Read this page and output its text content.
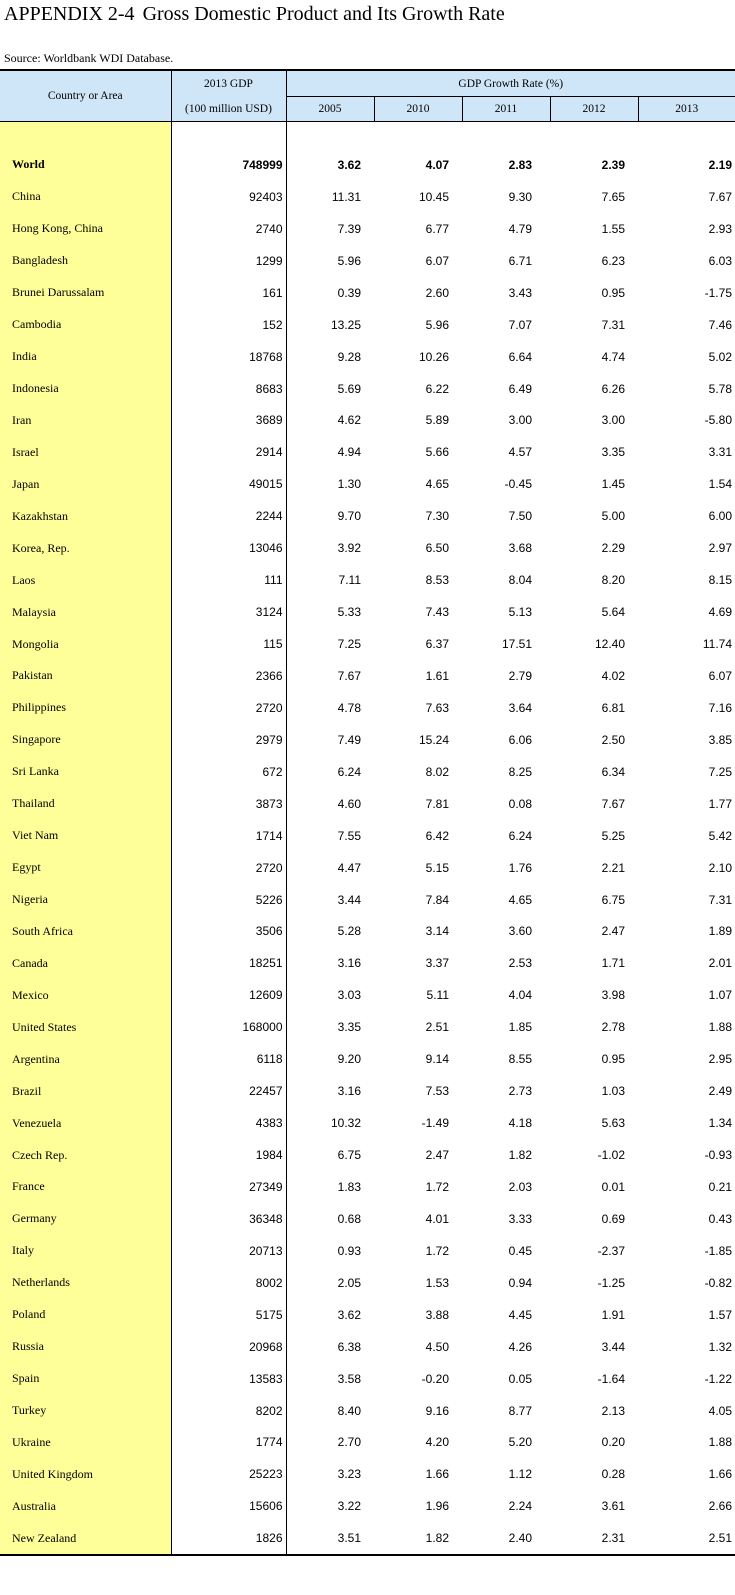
APPENDIX 2-4 Gross Domestic Product and Its Growth Rate
Source: Worldbank WDI Database.
Country or Area	2013 GDP	GDP Growth Rate (%)				
	(100 million USD)	2005	2010	2011	2012	2013

World	748999	3.62	4.07	2.83	2.39	2.19
China	92403	11.31	10.45	9.30	7.65	7.67
Hong Kong, China	2740	7.39	6.77	4.79	1.55	2.93
Bangladesh	1299	5.96	6.07	6.71	6.23	6.03
Brunei Darussalam	161	0.39	2.60	3.43	0.95	-1.75
Cambodia	152	13.25	5.96	7.07	7.31	7.46
India	18768	9.28	10.26	6.64	4.74	5.02
Indonesia	8683	5.69	6.22	6.49	6.26	5.78
Iran	3689	4.62	5.89	3.00	3.00	-5.80
Israel	2914	4.94	5.66	4.57	3.35	3.31
Japan	49015	1.30	4.65	-0.45	1.45	1.54
Kazakhstan	2244	9.70	7.30	7.50	5.00	6.00
Korea, Rep.	13046	3.92	6.50	3.68	2.29	2.97
Laos	111	7.11	8.53	8.04	8.20	8.15
Malaysia	3124	5.33	7.43	5.13	5.64	4.69
Mongolia	115	7.25	6.37	17.51	12.40	11.74
Pakistan	2366	7.67	1.61	2.79	4.02	6.07
Philippines	2720	4.78	7.63	3.64	6.81	7.16
Singapore	2979	7.49	15.24	6.06	2.50	3.85
Sri Lanka	672	6.24	8.02	8.25	6.34	7.25
Thailand	3873	4.60	7.81	0.08	7.67	1.77
Viet Nam	1714	7.55	6.42	6.24	5.25	5.42
Egypt	2720	4.47	5.15	1.76	2.21	2.10
Nigeria	5226	3.44	7.84	4.65	6.75	7.31
South Africa	3506	5.28	3.14	3.60	2.47	1.89
Canada	18251	3.16	3.37	2.53	1.71	2.01
Mexico	12609	3.03	5.11	4.04	3.98	1.07
United States	168000	3.35	2.51	1.85	2.78	1.88
Argentina	6118	9.20	9.14	8.55	0.95	2.95
Brazil	22457	3.16	7.53	2.73	1.03	2.49
Venezuela	4383	10.32	-1.49	4.18	5.63	1.34
Czech Rep.	1984	6.75	2.47	1.82	-1.02	-0.93
France	27349	1.83	1.72	2.03	0.01	0.21
Germany	36348	0.68	4.01	3.33	0.69	0.43
Italy	20713	0.93	1.72	0.45	-2.37	-1.85
Netherlands	8002	2.05	1.53	0.94	-1.25	-0.82
Poland	5175	3.62	3.88	4.45	1.91	1.57
Russia	20968	6.38	4.50	4.26	3.44	1.32
Spain	13583	3.58	-0.20	0.05	-1.64	-1.22
Turkey	8202	8.40	9.16	8.77	2.13	4.05
Ukraine	1774	2.70	4.20	5.20	0.20	1.88
United Kingdom	25223	3.23	1.66	1.12	0.28	1.66
Australia	15606	3.22	1.96	2.24	3.61	2.66
New Zealand	1826	3.51	1.82	2.40	2.31	2.51
